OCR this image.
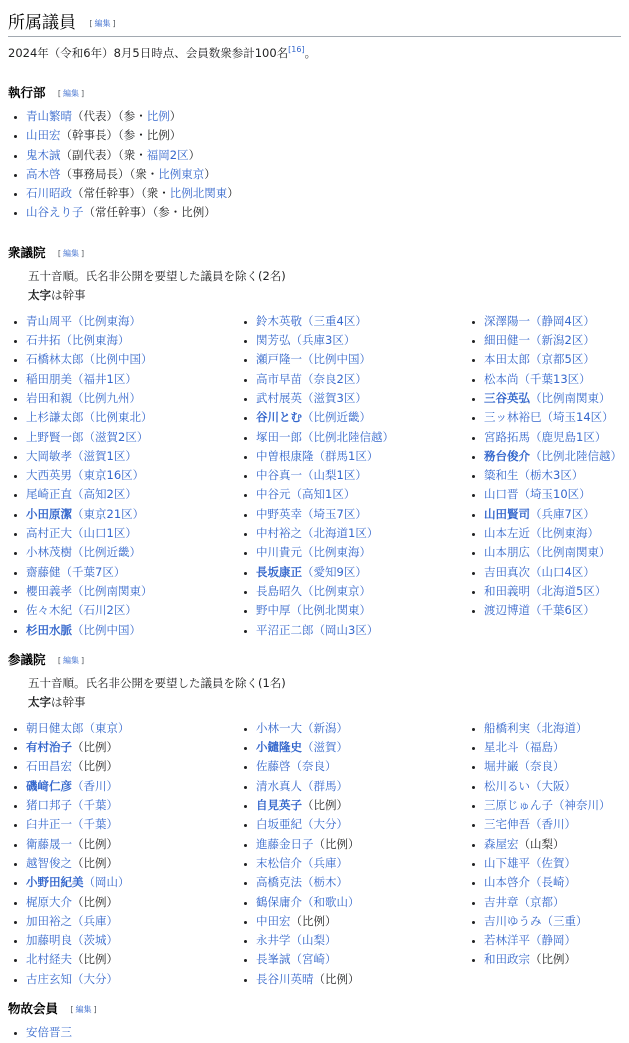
所属議員 [ 編集 ]

2024年（令和6年）8月5日時点、会員数衆参計100名[16]。

執行部 [ 編集 ]
• 青山繁晴（代表）（参・比例）
• 山田宏（幹事長）（参・比例）
• 鬼木誠（副代表）（衆・福岡2区）
• 高木啓（事務局長）（衆・比例東京）
• 石川昭政（常任幹事）（衆・比例北関東）
• 山谷えり子（常任幹事）（参・比例）
衆議院 [ 編集 ]
五十音順。氏名非公開を要望した議員を除く(2名)
太字は幹事
• 青山周平（比例東海）
• 石井拓（比例東海）
• 石橋林太郎（比例中国）
• 稲田朋美（福井1区）
• 岩田和親（比例九州）
• 上杉謙太郎（比例東北）
• 上野賢一郎（滋賀2区）
• 大岡敏孝（滋賀1区）
• 大西英男（東京16区）
• 尾崎正直（高知2区）
• 小田原潔（東京21区）
• 高村正大（山口1区）
• 小林茂樹（比例近畿）
• 齋藤健（千葉7区）
• 櫻田義孝（比例南関東）
• 佐々木紀（石川2区）
• 杉田水脈（比例中国）
• 鈴木英敬（三重4区）
• 関芳弘（兵庫3区）
• 瀬戸隆一（比例中国）
• 高市早苗（奈良2区）
• 武村展英（滋賀3区）
• 谷川とむ（比例近畿）
• 塚田一郎（比例北陸信越）
• 中曽根康隆（群馬1区）
• 中谷真一（山梨1区）
• 中谷元（高知1区）
• 中野英幸（埼玉7区）
• 中村裕之（北海道1区）
• 中川貴元（比例東海）
• 長坂康正（愛知9区）
• 長島昭久（比例東京）
• 野中厚（比例北関東）
• 平沼正二郎（岡山3区）
• 深澤陽一（静岡4区）
• 細田健一（新潟2区）
• 本田太郎（京都5区）
• 松本尚（千葉13区）
• 三谷英弘（比例南関東）
• 三ッ林裕巳（埼玉14区）
• 宮路拓馬（鹿児島1区）
• 務台俊介（比例北陸信越）
• 簗和生（栃木3区）
• 山口晋（埼玉10区）
• 山田賢司（兵庫7区）
• 山本左近（比例東海）
• 山本朋広（比例南関東）
• 吉田真次（山口4区）
• 和田義明（北海道5区）
• 渡辺博道（千葉6区）
参議院 [ 編集 ]
五十音順。氏名非公開を要望した議員を除く(1名)
太字は幹事
• 朝日健太郎（東京）
• 有村治子（比例）
• 石田昌宏（比例）
• 磯﨑仁彦（香川）
• 猪口邦子（千葉）
• 臼井正一（千葉）
• 衛藤晟一（比例）
• 越智俊之（比例）
• 小野田紀美（岡山）
• 梶原大介（比例）
• 加田裕之（兵庫）
• 加藤明良（茨城）
• 北村経夫（比例）
• 古庄玄知（大分）
• 小林一大（新潟）
• 小鑓隆史（滋賀）
• 佐藤啓（奈良）
• 清水真人（群馬）
• 自見英子（比例）
• 白坂亜紀（大分）
• 進藤金日子（比例）
• 末松信介（兵庫）
• 高橋克法（栃木）
• 鶴保庸介（和歌山）
• 中田宏（比例）
• 永井学（山梨）
• 長峯誠（宮崎）
• 長谷川英晴（比例）
• 船橋利実（北海道）
• 星北斗（福島）
• 堀井巌（奈良）
• 松川るい（大阪）
• 三原じゅん子（神奈川）
• 三宅伸吾（香川）
• 森屋宏（山梨）
• 山下雄平（佐賀）
• 山本啓介（長崎）
• 吉井章（京都）
• 吉川ゆうみ（三重）
• 若林洋平（静岡）
• 和田政宗（比例）
物故会員 [ 編集 ]
• 安倍晋三
